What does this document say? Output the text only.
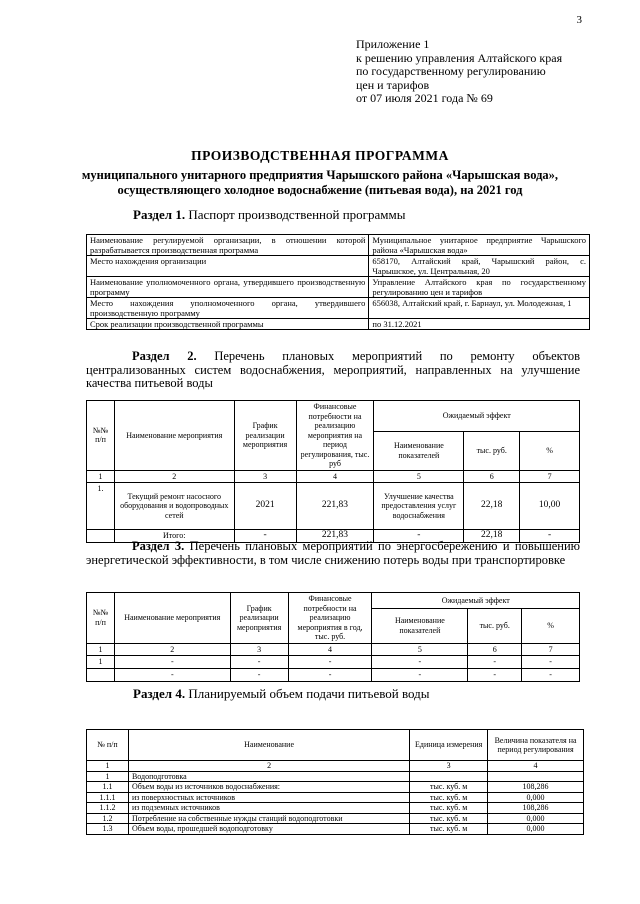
3
Приложение 1
к решению управления Алтайского края
по государственному регулированию
цен и тарифов
от 07 июля 2021 года № 69
ПРОИЗВОДСТВЕННАЯ ПРОГРАММА
муниципального унитарного предприятия Чарышского района «Чарышская вода»,
осуществляющего холодное водоснабжение (питьевая вода), на 2021 год
Раздел 1. Паспорт производственной программы
Наименование регулируемой организации, в отношении которой разрабатывается производственная программа	Муниципальное унитарное предприятие Чарышского района «Чарышская вода»
Место нахождения организации	658170, Алтайский край, Чарышский район, с. Чарышское, ул. Центральная, 20
Наименование уполномоченного органа, утвердившего производственную программу	Управление Алтайского края по государственному регулированию цен и тарифов
Место нахождения уполномоченного органа, утвердившего производственную программу	656038, Алтайский край, г. Барнаул, ул. Молодежная, 1
Срок реализации производственной программы	по 31.12.2021
Раздел 2. Перечень плановых мероприятий по ремонту объектов централизованных систем водоснабжения, мероприятий, направленных на улучшение качества питьевой воды
№№ п/п	Наименование мероприятия	График реализации мероприятия	Финансовые потребности на реализацию мероприятия на период регулирования, тыс. руб	Ожидаемый эффект		
				Наименование показателей	тыс. руб.	%
1	2	3	4	5	6	7
1.	Текущий ремонт насосного оборудования и водопроводных сетей	2021	221,83	Улучшение качества предоставления услуг водоснабжения	22,18	10,00
	Итого:	-	221,83	-	22,18	-
Раздел 3. Перечень плановых мероприятий по энергосбережению и повышению энергетической эффективности, в том числе снижению потерь воды при транспортировке
№№ п/п	Наименование мероприятия	График реализации мероприятия	Финансовые потребности на реализацию мероприятия в год, тыс. руб.	Ожидаемый эффект		
				Наименование показателей	тыс. руб.	%
1	2	3	4	5	6	7
1	-	-	-	-	-	-
	-	-	-	-	-	-
Раздел 4. Планируемый объем подачи питьевой воды
№ п/п	Наименование	Единица измерения	Величина показателя на период регулирования
1	2	3	4
1	Водоподготовка		
1.1	Объем воды из источников водоснабжения:	тыс. куб. м	108,286
1.1.1	из поверхностных источников	тыс. куб. м	0,000
1.1.2	из подземных источников	тыс. куб. м	108,286
1.2	Потребление на собственные нужды станций водоподготовки	тыс. куб. м	0,000
1.3	Объем воды, прошедшей водоподготовку	тыс. куб. м	0,000
